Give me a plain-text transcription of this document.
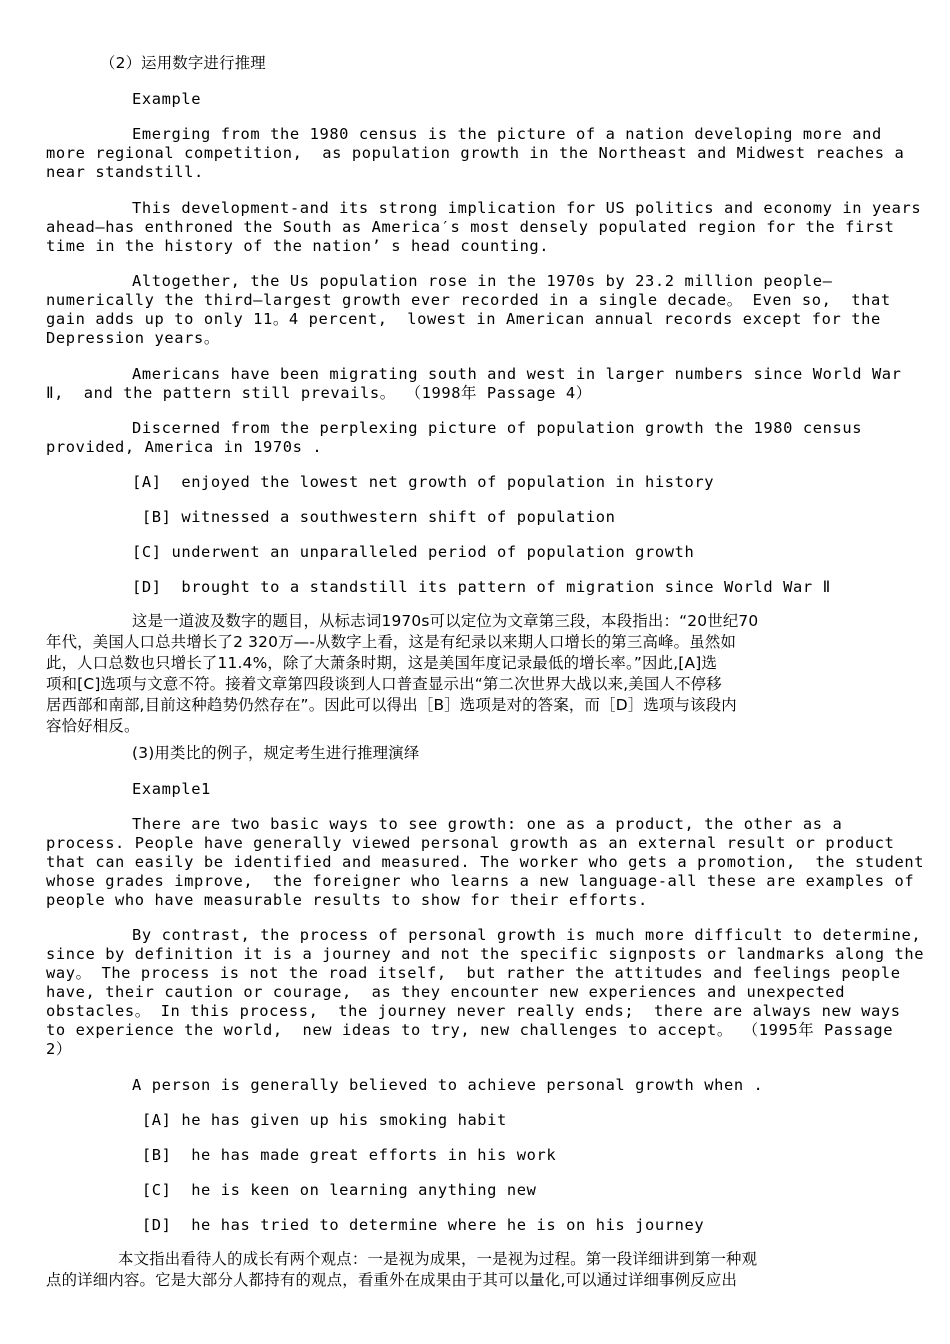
（2）运用数字进行推理
Example
Emerging from the 1980 census is the picture of a nation developing more and
more regional competition,  as population growth in the Northeast and Midwest reaches a
near standstill.
This development-and its strong implication for US politics and economy in years
ahead—has enthroned the South as America′s most densely populated region for the first
time in the history of the nation’ s head counting.
Altogether, the Us population rose in the 1970s by 23.2 million people—
numerically the third—largest growth ever recorded in a single decade。 Even so,  that
gain adds up to only 11。4 percent,  lowest in American annual records except for the
Depression years。
Americans have been migrating south and west in larger numbers since World War
Ⅱ,  and the pattern still prevails。 （1998年 Passage 4）
Discerned from the perplexing picture of population growth the 1980 census
provided, America in 1970s .
[A]  enjoyed the lowest net growth of population in history
[B] witnessed a southwestern shift of population
[C] underwent an unparalleled period of population growth
[D]  brought to a standstill its pattern of migration since World War Ⅱ
这是一道波及数字的题目，从标志词1970s可以定位为文章第三段，本段指出：“20世纪70
年代，美国人口总共增长了2 320万—-从数字上看，这是有纪录以来期人口增长的第三高峰。虽然如
此，人口总数也只增长了11.4%，除了大萧条时期，这是美国年度记录最低的增长率。”因此,[A]选
项和[C]选项与文意不符。接着文章第四段谈到人口普查显示出“第二次世界大战以来,美国人不停移
居西部和南部,目前这种趋势仍然存在”。因此可以得出［B］选项是对的答案，而［D］选项与该段内
容恰好相反。
(3)用类比的例子，规定考生进行推理演绎
Example1
There are two basic ways to see growth: one as a product, the other as a
process. People have generally viewed personal growth as an external result or product
that can easily be identified and measured. The worker who gets a promotion,  the student
whose grades improve,  the foreigner who learns a new language-all these are examples of
people who have measurable results to show for their efforts.
By contrast, the process of personal growth is much more difficult to determine,
since by definition it is a journey and not the specific signposts or landmarks along the
way。 The process is not the road itself,  but rather the attitudes and feelings people
have, their caution or courage,  as they encounter new experiences and unexpected
obstacles。 In this process,  the journey never really ends;  there are always new ways
to experience the world,  new ideas to try, new challenges to accept。 （1995年 Passage
2）
A person is generally believed to achieve personal growth when .
[A] he has given up his smoking habit
[B]  he has made great efforts in his work
[C]  he is keen on learning anything new
[D]  he has tried to determine where he is on his journey
本文指出看待人的成长有两个观点：一是视为成果，一是视为过程。第一段详细讲到第一种观
点的详细内容。它是大部分人都持有的观点，看重外在成果由于其可以量化,可以通过详细事例反应出
